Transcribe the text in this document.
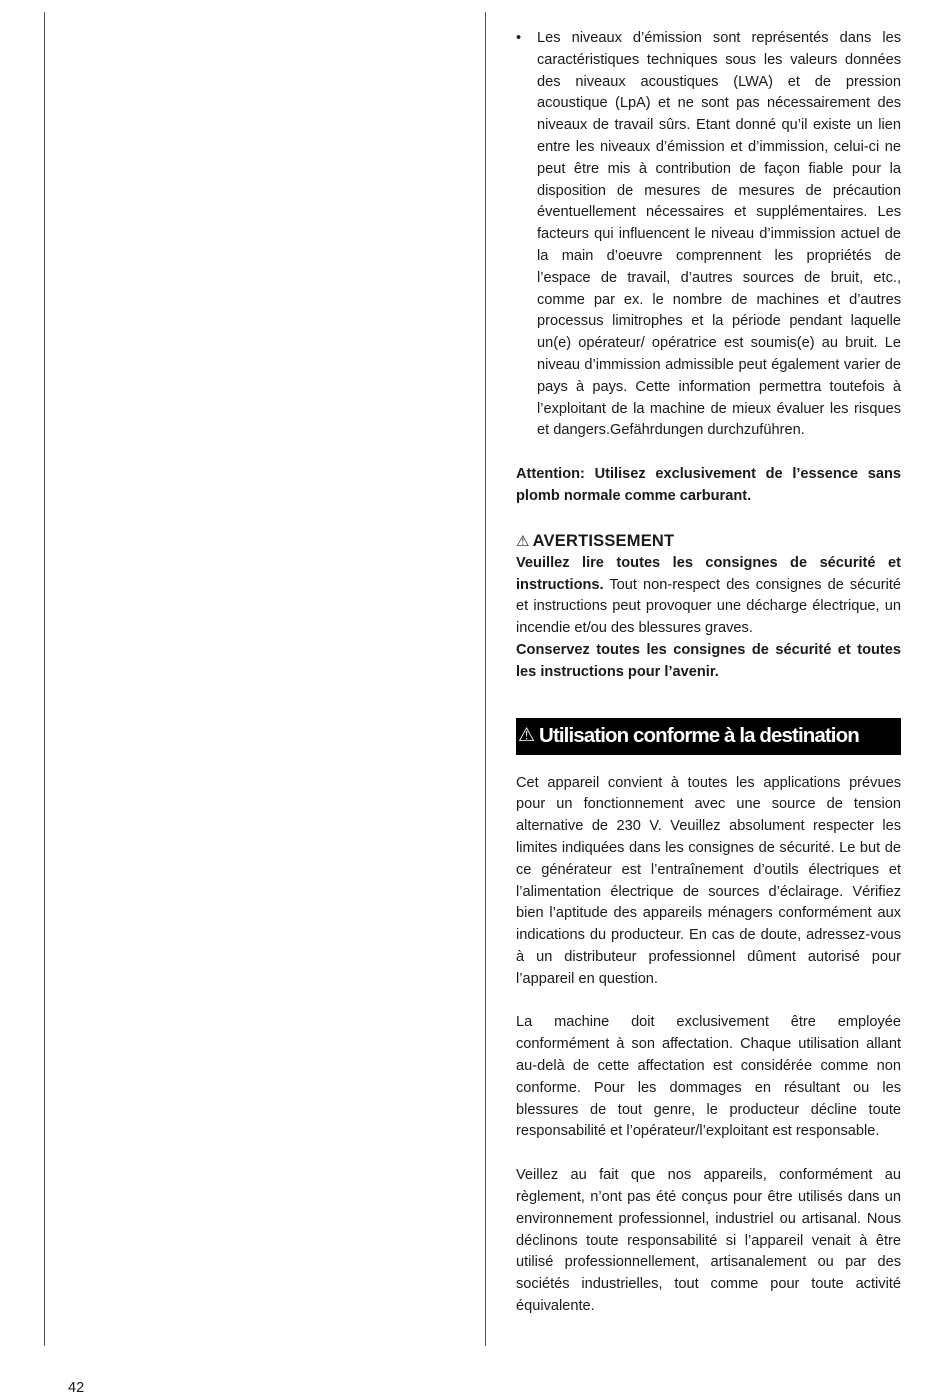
• Les niveaux d’émission sont représentés dans les caractéristiques techniques sous les valeurs données des niveaux acoustiques (LWA) et de pression acoustique (LpA) et ne sont pas nécessairement des niveaux de travail sûrs. Etant donné qu’il existe un lien entre les niveaux d’émission et d’immission, celui-ci ne peut être mis à contribution de façon fiable pour la disposition de mesures de mesures de précaution éventuellement nécessaires et supplémentaires. Les facteurs qui influencent le niveau d’immission actuel de la main d’oeuvre comprennent les propriétés de l’espace de travail, d’autres sources de bruit, etc., comme par ex. le nombre de machines et d’autres processus limitrophes et la période pendant laquelle un(e) opérateur/ opératrice est soumis(e) au bruit. Le niveau d’immission admissible peut également varier de pays à pays. Cette information permettra toutefois à l’exploitant de la machine de mieux évaluer les risques et dangers.Gefährdungen durchzuführen.

Attention: Utilisez exclusivement de l’essence sans plomb normale comme carburant.

⚠ AVERTISSEMENT

Veuillez lire toutes les consignes de sécurité et instructions. Tout non-respect des consignes de sécurité et instructions peut provoquer une décharge électrique, un incendie et/ou des blessures graves.

Conservez toutes les consignes de sécurité et toutes les instructions pour l’avenir.

⚠ Utilisation conforme à la destination

Cet appareil convient à toutes les applications prévues pour un fonctionnement avec une source de tension alternative de 230 V. Veuillez absolument respecter les limites indiquées dans les consignes de sécurité. Le but de ce générateur est l’entraînement d’outils électriques et l’alimentation électrique de sources d’éclairage. Vérifiez bien l’aptitude des appareils ménagers conformément aux indications du producteur. En cas de doute, adressez-vous à un distributeur professionnel dûment autorisé pour l’appareil en question.

La machine doit exclusivement être employée conformément à son affectation. Chaque utilisation allant au-delà de cette affectation est considérée comme non conforme. Pour les dommages en résultant ou les blessures de tout genre, le producteur décline toute responsabilité et l’opérateur/l’exploitant est responsable.

Veillez au fait que nos appareils, conformément au règlement, n’ont pas été conçus pour être utilisés dans un environnement professionnel, industriel ou artisanal. Nous déclinons toute responsabilité si l’appareil venait à être utilisé professionnellement, artisanalement ou par des sociétés industrielles, tout comme pour toute activité équivalente.

42
